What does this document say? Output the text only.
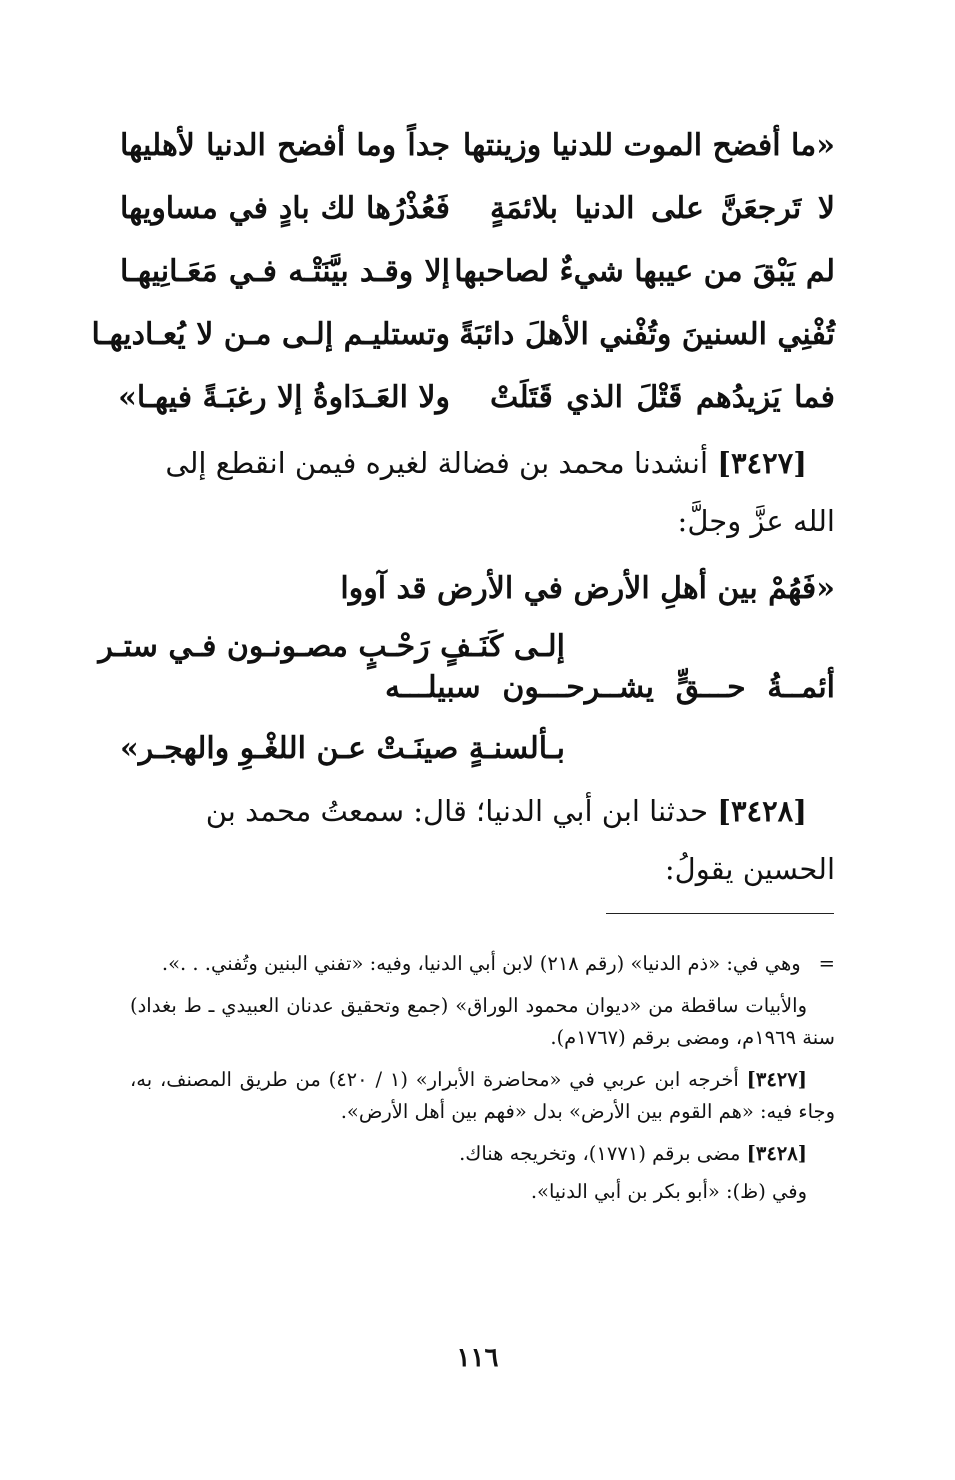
«ما أفضح الموت للدنيا وزينتها
جداً وما أفضح الدنيا لأهليها
لا تَرجعَنَّ على الدنيا بلائمَةٍ
فَعُذْرُها لك بادٍ في مساويها
لم يَبْقَ من عيبها شيءٌ لصاحبها
إلا وقـد بيَّنَتْـه فـي مَعَـانِيهـا
تُفْنِي السنينَ وتُفْني الأهلَ دائبَةً
وتستليـم إلـى مـن لا يُعـاديهـا
فما يَزيدُهم قَتْلَ الذي قَتَلَتْ
ولا العَـدَاوةُ إلا رغبَـةً فيهـا»

[٣٤٢٧] أنشدنا محمد بن فضالة لغيره فيمن انقطع إلى الله عزَّ وجلَّ:

«فَهُمْ بين أهلِ الأرض في الأرض قد آووا
إلـى كَنَـفٍ رَحْـبٍ مصـونـون فـي ستـر
أئمــةُ حـــقٍّ يشــرحـــون سبيلـــه
بـألسنـةٍ صينَـتْ عـن اللغْـوِ والهجـر»

[٣٤٢٨] حدثنا ابن أبي الدنيا؛ قال: سمعتُ محمد بن الحسين يقولُ:

=وهي في: «ذم الدنيا» (رقم ٢١٨) لابن أبي الدنيا، وفيه: «تفني البنين وتُفني. . .».

والأبيات ساقطة من «ديوان محمود الوراق» (جمع وتحقيق عدنان العبيدي ـ ط بغداد) سنة ١٩٦٩م، ومضى برقم (١٧٦٧م).

[٣٤٢٧] أخرجه ابن عربي في «محاضرة الأبرار» (١ / ٤٢٠) من طريق المصنف، به، وجاء فيه: «هم القوم بين الأرض» بدل «فهم بين أهل الأرض».

[٣٤٢٨] مضى برقم (١٧٧١)، وتخريجه هناك.

وفي (ظ): «أبو بكر بن أبي الدنيا».

١١٦
